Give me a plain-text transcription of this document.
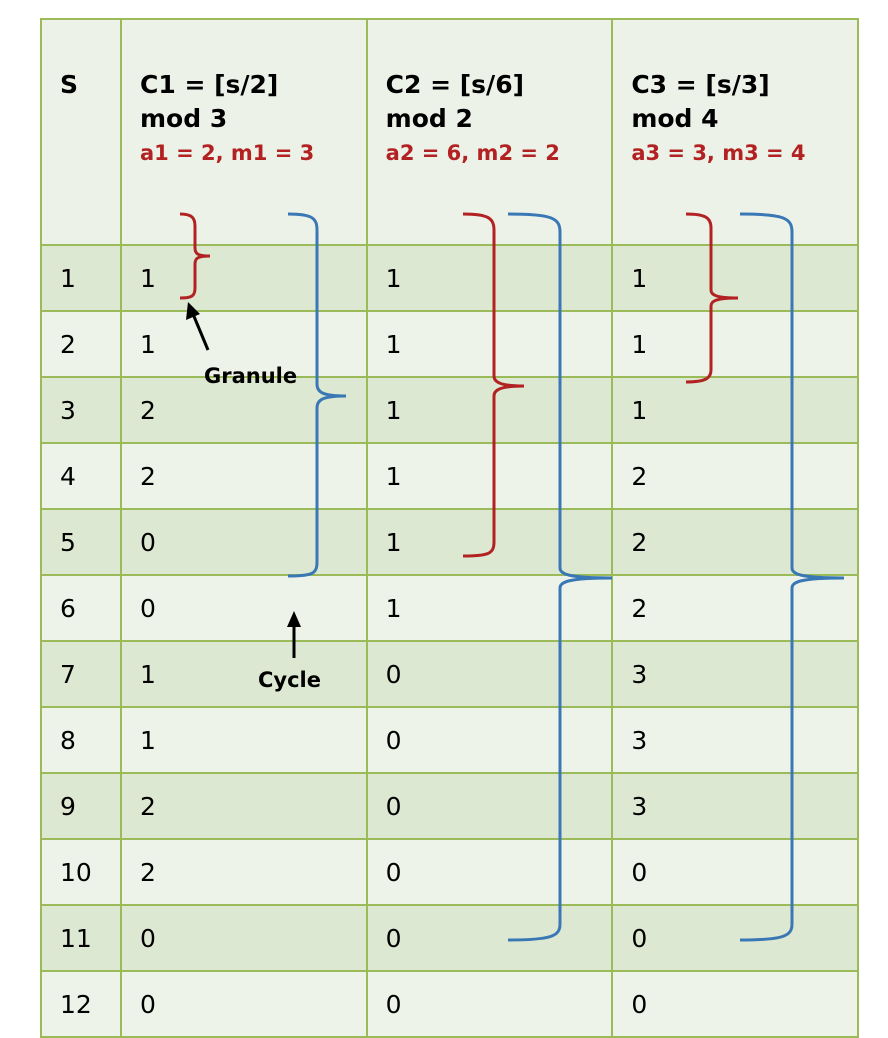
S	C1 = [s/2]
mod 3
a1 = 2, m1 = 3	C2 = [s/6]
mod 2
a2 = 6, m2 = 2	C3 = [s/3]
mod 4
a3 = 3, m3 = 4

1	1	1	1
2	1	1	1
3	2	1	1
4	2	1	2
5	0	1	2
6	0	1	2
7	1	0	3
8	1	0	3
9	2	0	3
10	2	0	0
11	0	0	0
12	0	0	0
Granule
Cycle
